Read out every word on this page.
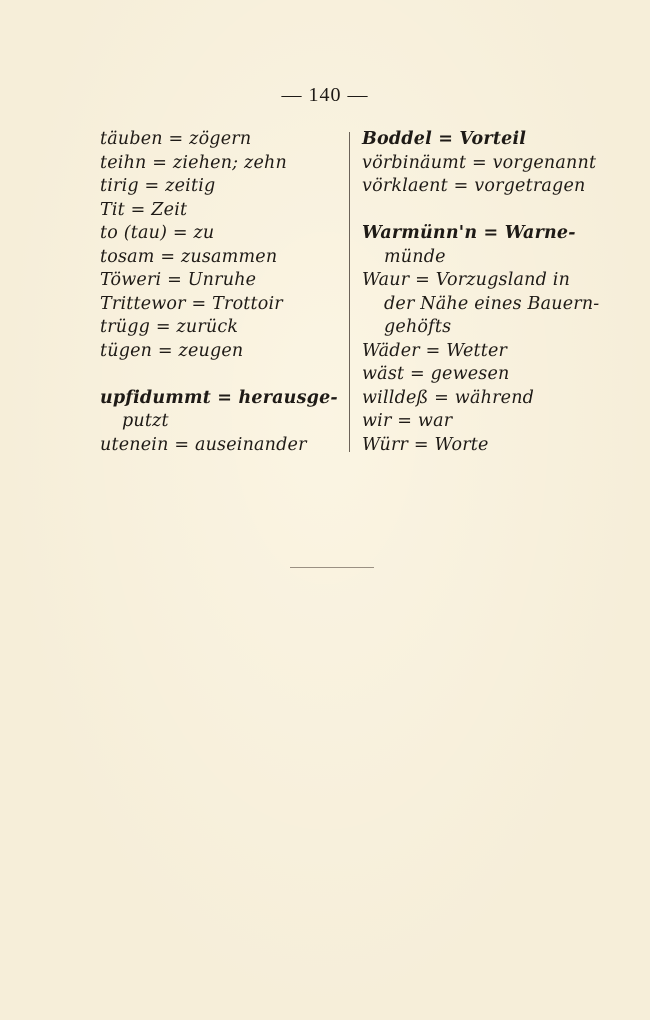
— 140 —
täuben = zögern
teihn = ziehen; zehn
tirig = zeitig
Tit = Zeit
to (tau) = zu
tosam = zusammen
Töweri = Unruhe
Trittewor = Trottoir
trügg = zurück
tügen = zeugen
upfidummt = herausge-
putzt
utenein = auseinander
Boddel = Vorteil
vörbinäumt = vorgenannt
vörklaent = vorgetragen
Warmünn'n = Warne-
münde
Waur = Vorzugsland in
der Nähe eines Bauern-
gehöfts
Wäder = Wetter
wäst = gewesen
willdeß = während
wir = war
Würr = Worte
